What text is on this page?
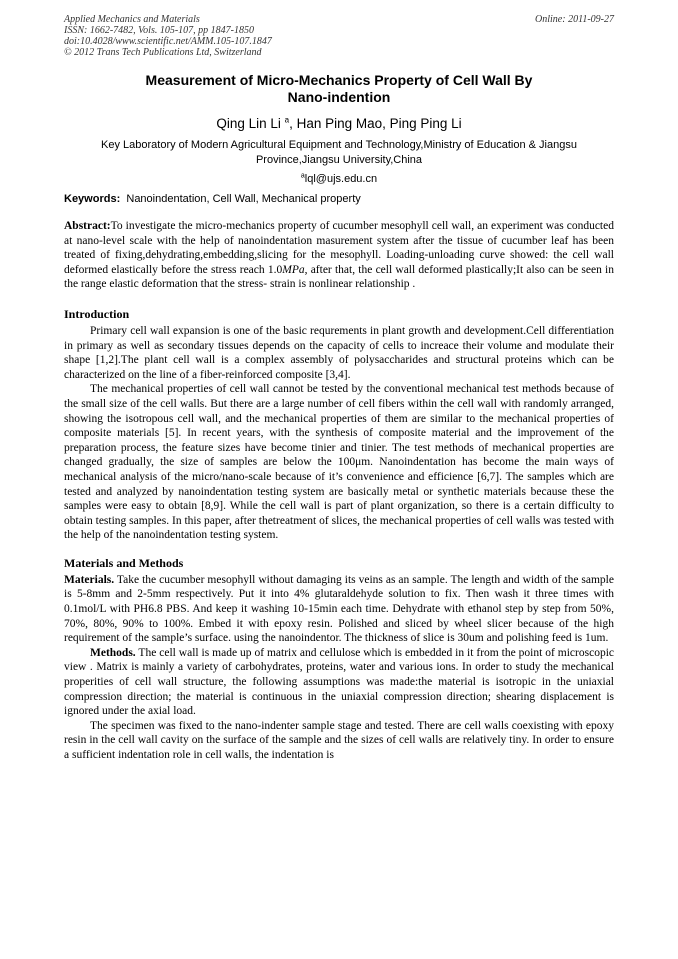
Applied Mechanics and Materials
ISSN: 1662-7482, Vols. 105-107, pp 1847-1850
doi:10.4028/www.scientific.net/AMM.105-107.1847
© 2012 Trans Tech Publications Ltd, Switzerland
Online: 2011-09-27
Measurement of Micro-Mechanics Property of Cell Wall By
Nano-indention
Qing Lin Li $^a$, Han Ping Mao, Ping Ping Li
Key Laboratory of Modern Agricultural Equipment and Technology,Ministry of Education & Jiangsu
Province,Jiangsu University,China
$^a$lql@ujs.edu.cn
Keywords: Nanoindentation, Cell Wall, Mechanical property

Abstract:To investigate the micro-mechanics property of cucumber mesophyll cell wall, an experiment was conducted at nano-level scale with the help of nanoindentation masurement system after the tissue of cucumber leaf has been treated of fixing,dehydrating,embedding,slicing for the mesophyll. Loading-unloading curve showed: the cell wall deformed elastically before the stress reach 1.0MPa, after that, the cell wall deformed plastically;It also can be seen in the range elastic deformation that the stress- strain is nonlinear relationship .

Introduction

Primary cell wall expansion is one of the basic requrements in plant growth and development.Cell differentiation in primary as well as secondary tissues depends on the capacity of cells to increace their volume and modulate their shape [1,2].The plant cell wall is a complex assembly of polysaccharides and structural proteins which can be characterized on the line of a fiber-reinforced composite [3,4].

The mechanical properties of cell wall cannot be tested by the conventional mechanical test methods because of the small size of the cell walls. But there are a large number of cell fibers within the cell wall with randomly arranged, showing the isotropous cell wall, and the mechanical properties of them are similar to the mechanical properties of composite materials [5]. In recent years, with the synthesis of composite material and the improvement of the preparation process, the feature sizes have become tinier and tinier. The test methods of mechanical properties are changed gradually, the size of samples are below the 100μm. Nanoindentation has become the main ways of mechanical analysis of the micro/nano-scale because of it’s convenience and efficience [6,7]. The samples which are tested and analyzed by nanoindentation testing system are basically metal or synthetic materials because these the samples were easy to obtain [8,9]. While the cell wall is part of plant organization, so there is a certain difficulty to obtain testing samples. In this paper, after thetreatment of slices, the mechanical properties of cell walls was tested with the help of the nanoindentation testing system.

Materials and Methods

Materials. Take the cucumber mesophyll without damaging its veins as an sample. The length and width of the sample is 5-8mm and 2-5mm respectively. Put it into 4% glutaraldehyde solution to fix. Then wash it three times with 0.1mol/L with PH6.8 PBS. And keep it washing 10-15min each time. Dehydrate with ethanol step by step from 50%, 70%, 80%, 90% to 100%. Embed it with epoxy resin. Polished and sliced by wheel slicer because of the high requirement of the sample’s surface. using the nanoindentor. The thickness of slice is 30um and polishing feed is 1um.

Methods. The cell wall is made up of matrix and cellulose which is embedded in it from the point of microscopic view . Matrix is mainly a variety of carbohydrates, proteins, water and various ions. In order to study the mechanical properities of cell wall structure, the following assumptions was made:the material is isotropic in the uniaxial compression direction; the material is continuous in the uniaxial compression direction; shearing displacement is ignored under the axial load.

The specimen was fixed to the nano-indenter sample stage and tested. There are cell walls coexisting with epoxy resin in the cell wall cavity on the surface of the sample and the sizes of cell walls are relatively tiny. In order to ensure a sufficient indentation role in cell walls, the indentation is
